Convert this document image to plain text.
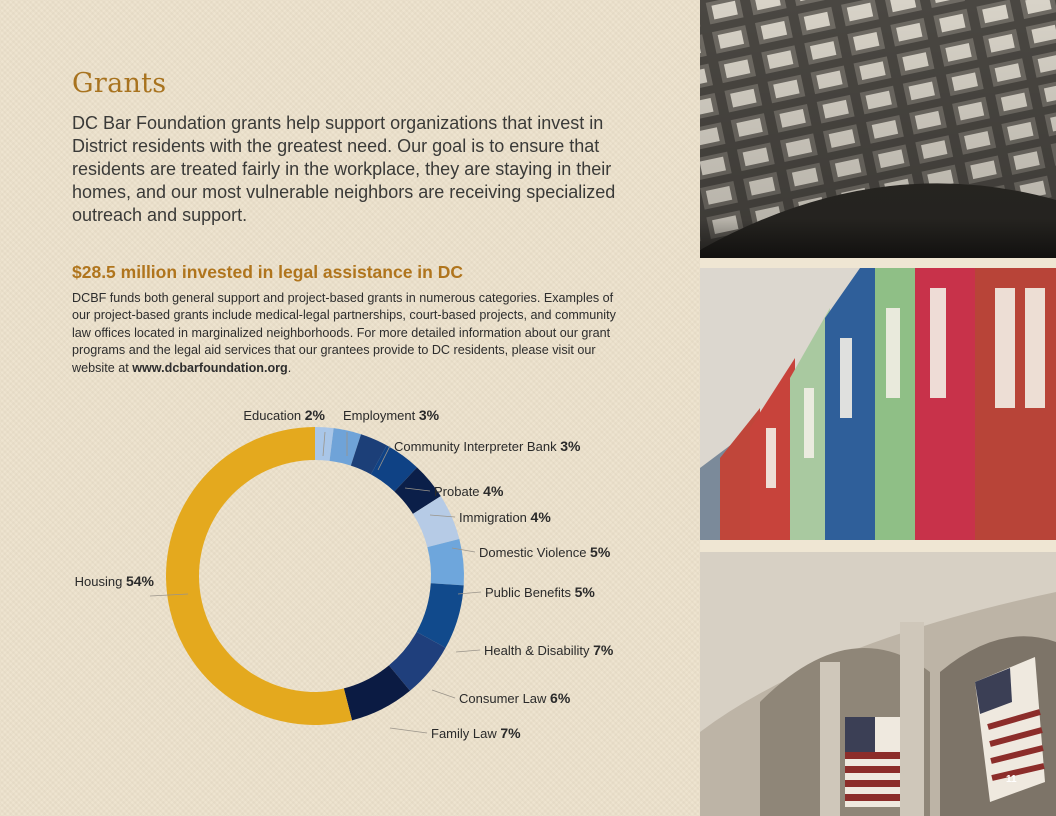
Grants

DC Bar Foundation grants help support organizations that invest in District residents with the greatest need. Our goal is to ensure that residents are treated fairly in the workplace, they are staying in their homes, and our most vulnerable neighbors are receiving specialized outreach and support.

$28.5 million invested in legal assistance in DC

DCBF funds both general support and project-based grants in numerous categories. Examples of our project-based grants include medical-legal partnerships, court-based projects, and community law offices located in marginalized neighborhoods. For more detailed information about our grant programs and the legal aid services that our grantees provide to DC residents, please visit our website at www.dcbarfoundation.org.

Education 2% Employment 3%
Community Interpreter Bank 3%
Probate 4%
Immigration 4%
Domestic Violence 5%
Public Benefits 5%
Health & Disability 7%
Consumer Law 6%
Family Law 7%
Housing 54%
11
